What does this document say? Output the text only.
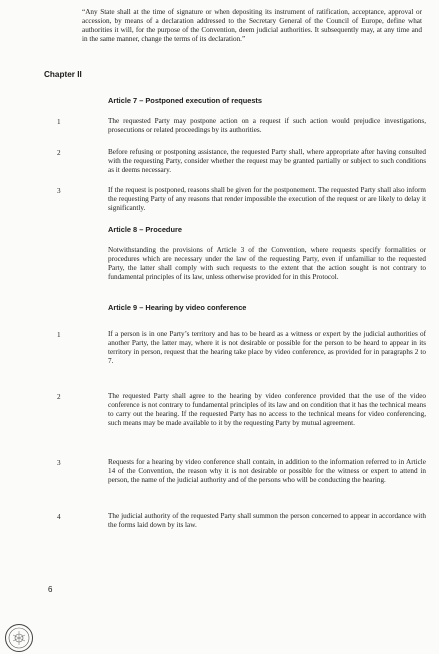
“Any State shall at the time of signature or when depositing its instrument of ratification, acceptance, approval or accession, by means of a declaration addressed to the Secretary General of the Council of Europe, define what authorities it will, for the purpose of the Convention, deem judicial authorities. It subsequently may, at any time and in the same manner, change the terms of its declaration.”
Chapter II
Article 7 – Postponed execution of requests
1	The requested Party may postpone action on a request if such action would prejudice investigations, prosecutions or related proceedings by its authorities.
2	Before refusing or postponing assistance, the requested Party shall, where appropriate after having consulted with the requesting Party, consider whether the request may be granted partially or subject to such conditions as it deems necessary.
3	If the request is postponed, reasons shall be given for the postponement. The requested Party shall also inform the requesting Party of any reasons that render impossible the execution of the request or are likely to delay it significantly.
Article 8 – Procedure
Notwithstanding the provisions of Article 3 of the Convention, where requests specify formalities or procedures which are necessary under the law of the requesting Party, even if unfamiliar to the requested Party, the latter shall comply with such requests to the extent that the action sought is not contrary to fundamental principles of its law, unless otherwise provided for in this Protocol.
Article 9 – Hearing by video conference
1	If a person is in one Party’s territory and has to be heard as a witness or expert by the judicial authorities of another Party, the latter may, where it is not desirable or possible for the person to be heard to appear in its territory in person, request that the hearing take place by video conference, as provided for in paragraphs 2 to 7.
2	The requested Party shall agree to the hearing by video conference provided that the use of the video conference is not contrary to fundamental principles of its law and on condition that it has the technical means to carry out the hearing. If the requested Party has no access to the technical means for video conferencing, such means may be made available to it by the requesting Party by mutual agreement.
3	Requests for a hearing by video conference shall contain, in addition to the information referred to in Article 14 of the Convention, the reason why it is not desirable or possible for the witness or expert to attend in person, the name of the judicial authority and of the persons who will be conducting the hearing.
4	The judicial authority of the requested Party shall summon the person concerned to appear in accordance with the forms laid down by its law.
6
